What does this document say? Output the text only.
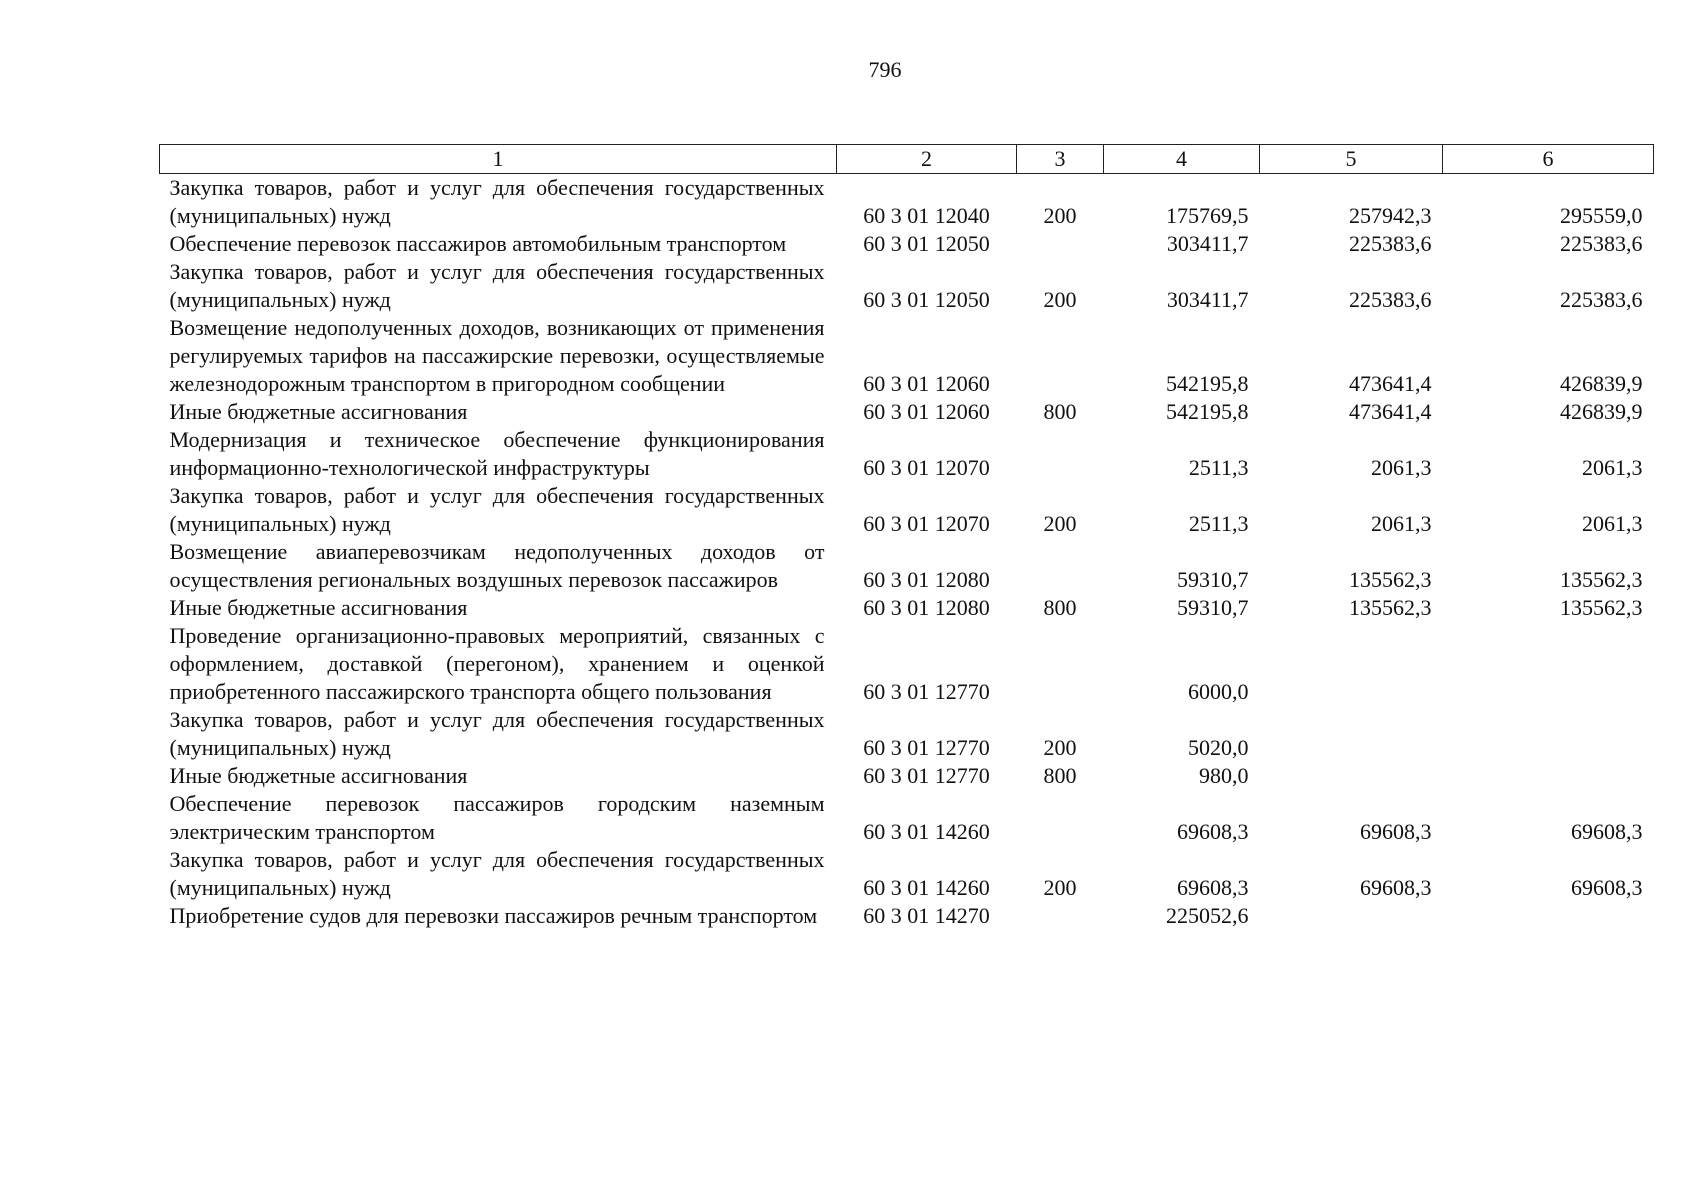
796
1	2	3	4	5	6
Закупка товаров, работ и услуг для обеспечения государственных (муниципальных) нужд	60 3 01 12040	200	175769,5	257942,3	295559,0
Обеспечение перевозок пассажиров автомобильным транспортом	60 3 01 12050		303411,7	225383,6	225383,6
Закупка товаров, работ и услуг для обеспечения государственных (муниципальных) нужд	60 3 01 12050	200	303411,7	225383,6	225383,6
Возмещение недополученных доходов, возникающих от применения регулируемых тарифов на пассажирские перевозки, осуществляемые железнодорожным транспортом в пригородном сообщении	60 3 01 12060		542195,8	473641,4	426839,9
Иные бюджетные ассигнования	60 3 01 12060	800	542195,8	473641,4	426839,9
Модернизация и техническое обеспечение функционирования информационно-технологической инфраструктуры	60 3 01 12070		2511,3	2061,3	2061,3
Закупка товаров, работ и услуг для обеспечения государственных (муниципальных) нужд	60 3 01 12070	200	2511,3	2061,3	2061,3
Возмещение авиаперевозчикам недополученных доходов от осуществления региональных воздушных перевозок пассажиров	60 3 01 12080		59310,7	135562,3	135562,3
Иные бюджетные ассигнования	60 3 01 12080	800	59310,7	135562,3	135562,3
Проведение организационно-правовых мероприятий, связанных с оформлением, доставкой (перегоном), хранением и оценкой приобретенного пассажирского транспорта общего пользования	60 3 01 12770		6000,0		
Закупка товаров, работ и услуг для обеспечения государственных (муниципальных) нужд	60 3 01 12770	200	5020,0		
Иные бюджетные ассигнования	60 3 01 12770	800	980,0		
Обеспечение перевозок пассажиров городским наземным электрическим транспортом	60 3 01 14260		69608,3	69608,3	69608,3
Закупка товаров, работ и услуг для обеспечения государственных (муниципальных) нужд	60 3 01 14260	200	69608,3	69608,3	69608,3
Приобретение судов для перевозки пассажиров речным транспортом	60 3 01 14270		225052,6		
